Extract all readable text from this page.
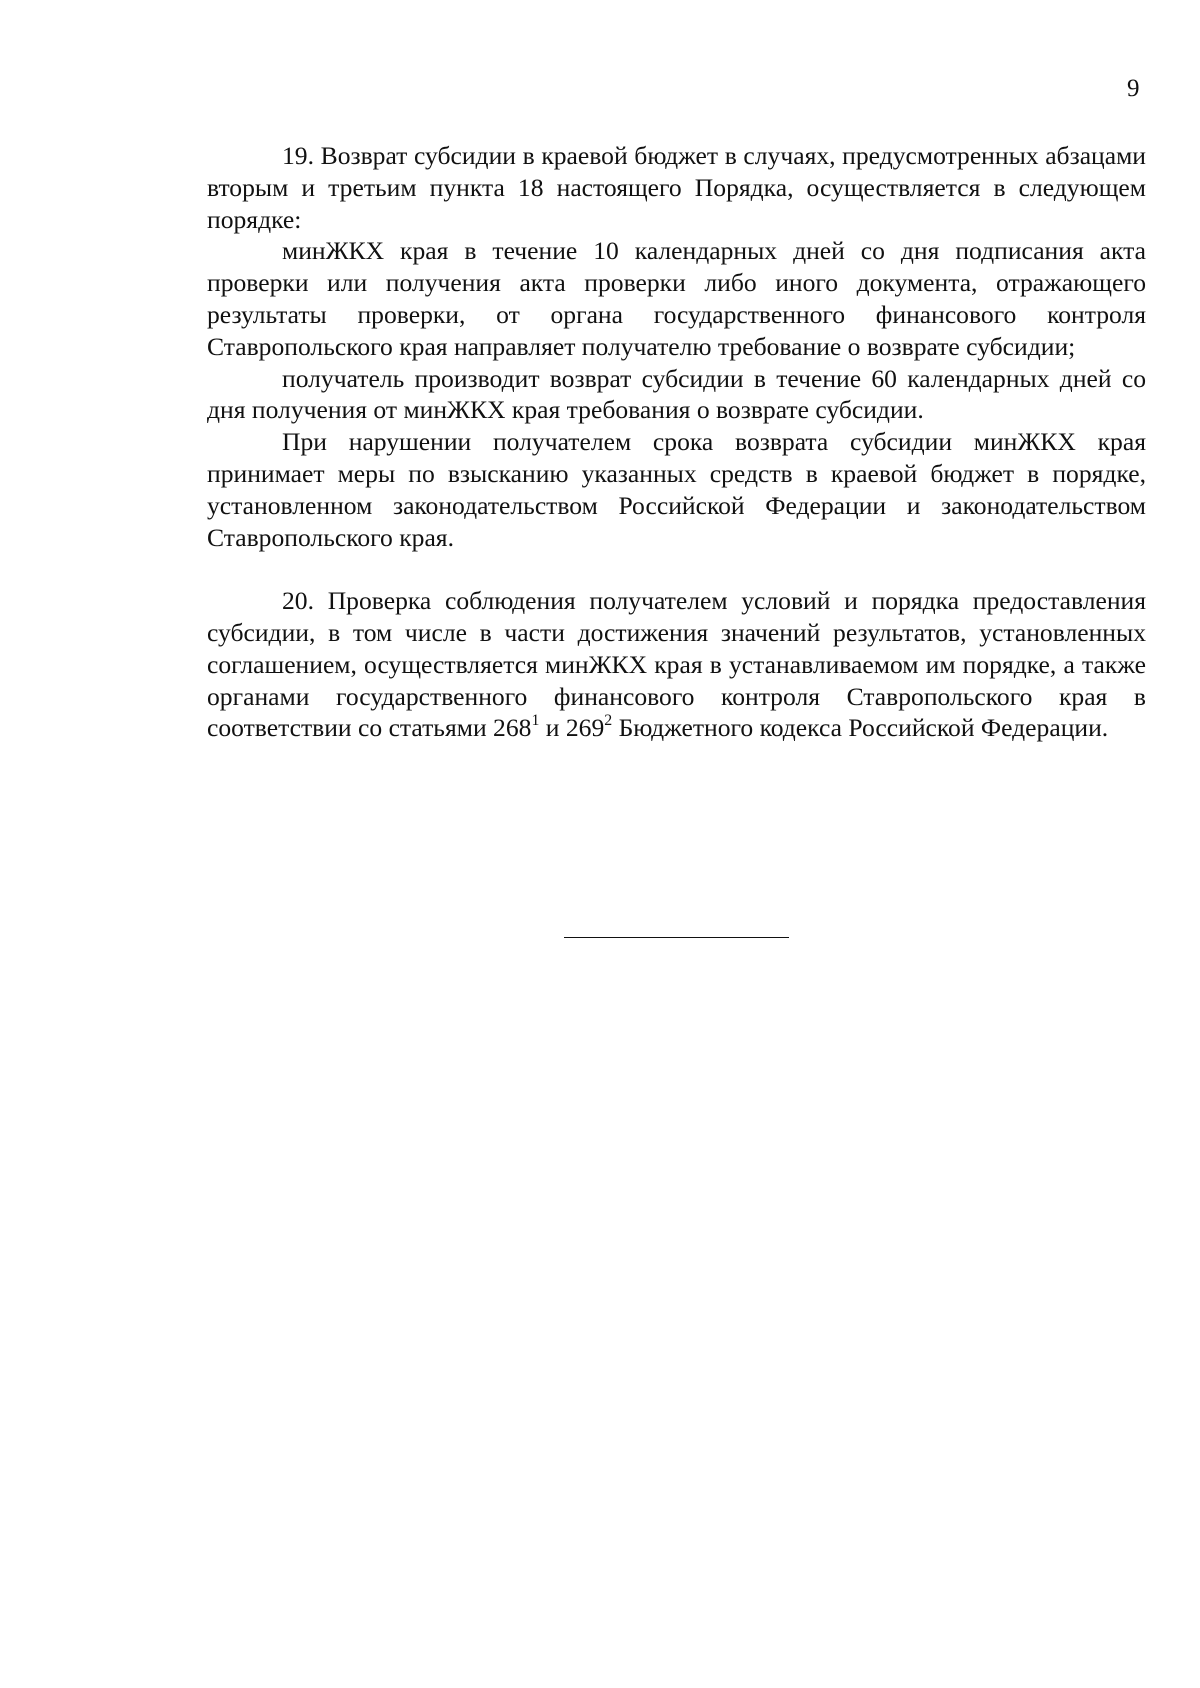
9

19. Возврат субсидии в краевой бюджет в случаях, предусмотренных абзацами вторым и третьим пункта 18 настоящего Порядка, осуществляется в следующем порядке:

минЖКХ края в течение 10 календарных дней со дня подписания акта проверки или получения акта проверки либо иного документа, отражающего результаты проверки, от органа государственного финансового контроля Ставропольского края направляет получателю требование о возврате субсидии;

получатель производит возврат субсидии в течение 60 календарных дней со дня получения от минЖКХ края требования о возврате субсидии.

При нарушении получателем срока возврата субсидии минЖКХ края принимает меры по взысканию указанных средств в краевой бюджет в порядке, установленном законодательством Российской Федерации и законодательством Ставропольского края.

20. Проверка соблюдения получателем условий и порядка предоставления субсидии, в том числе в части достижения значений результатов, установленных соглашением, осуществляется минЖКХ края в устанавливаемом им порядке, а также органами государственного финансового контроля Ставропольского края в соответствии со статьями $268^1$ и $269^2$ Бюджетного кодекса Российской Федерации.
